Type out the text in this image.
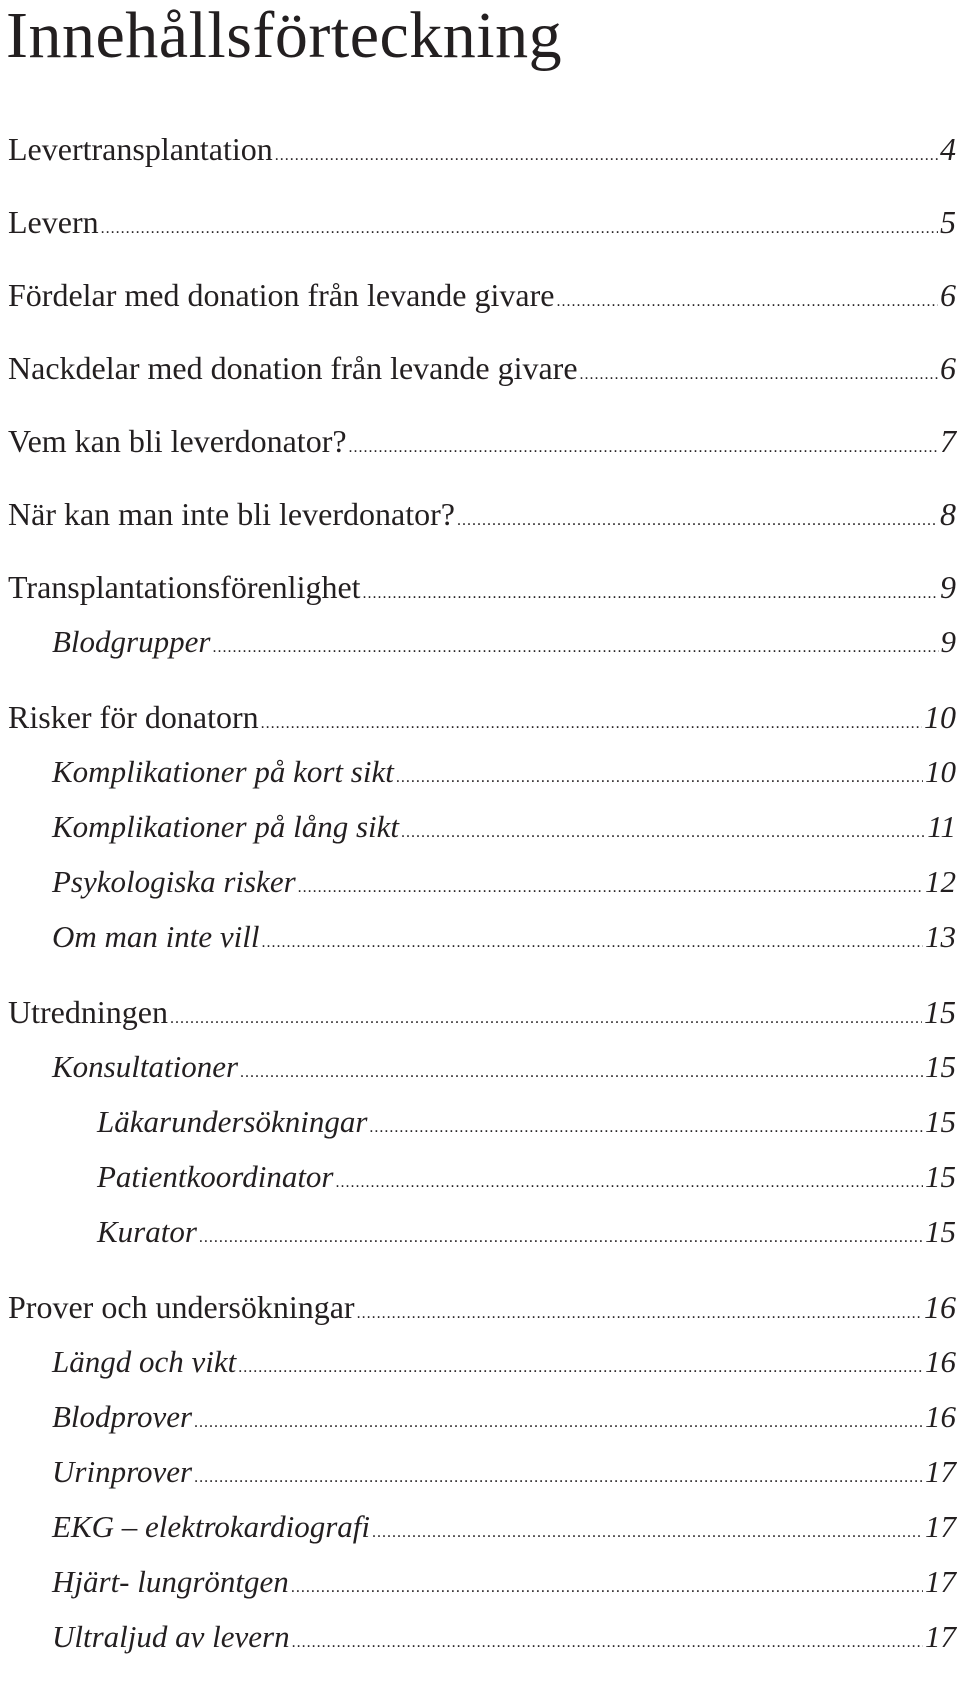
Innehållsförteckning
Levertransplantation .....	4
Levern .....	5
Fördelar med donation från levande givare .....	6
Nackdelar med donation från levande givare .....	6
Vem kan bli leverdonator? .....	7
När kan man inte bli leverdonator? .....	8
Transplantationsförenlighet .....	9
Blodgrupper .....	9
Risker för donatorn .....	10
Komplikationer på kort sikt .....	10
Komplikationer på lång sikt .....	11
Psykologiska risker .....	12
Om man inte vill .....	13
Utredningen .....	15
Konsultationer .....	15
Läkarundersökningar .....	15
Patientkoordinator .....	15
Kurator .....	15
Prover och undersökningar .....	16
Längd och vikt .....	16
Blodprover .....	16
Urinprover .....	17
EKG – elektrokardiografi .....	17
Hjärt- lungröntgen .....	17
Ultraljud av levern .....	17
